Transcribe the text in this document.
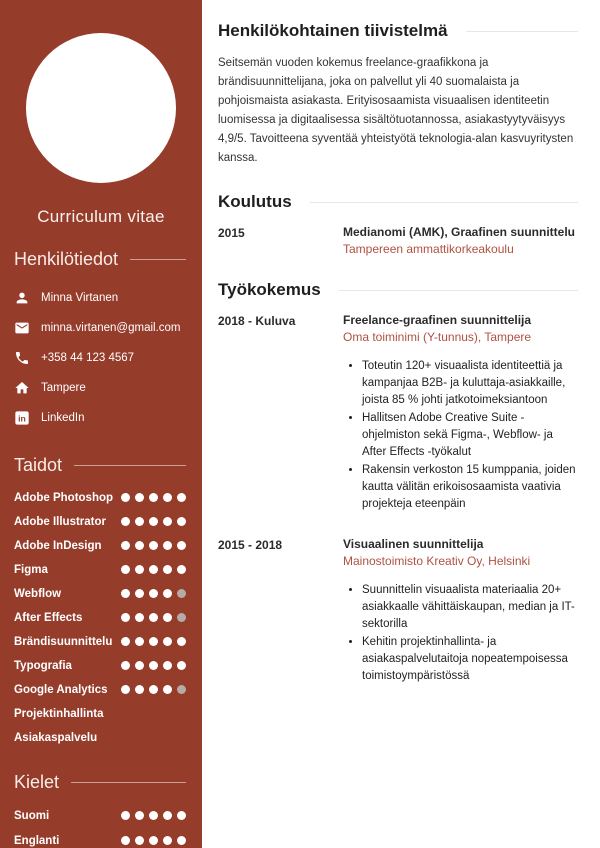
Curriculum vitae
Henkilötiedot
Minna Virtanen
minna.virtanen@gmail.com
+358 44 123 4567
Tampere
in LinkedIn
Taidot
Adobe Photoshop
Adobe Illustrator
Adobe InDesign
Figma
Webflow
After Effects
Brändisuunnittelu
Typografia
Google Analytics
Projektinhallinta
Asiakaspalvelu
Kielet
Suomi
Englanti
Henkilökohtainen tiivistelmä

Seitsemän vuoden kokemus freelance-graafikkona ja brändisuunnittelijana, joka on palvellut yli 40 suomalaista ja pohjoismaista asiakasta. Erityisosaamista visuaalisen identiteetin luomisessa ja digitaalisessa sisältötuotannossa, asiakastyytyväisyys 4,9/5. Tavoitteena syventää yhteistyötä teknologia-alan kasvuyritysten kanssa.

Koulutus
2015	Medianomi (AMK), Graafinen suunnittelu
Tampereen ammattikorkeakoulu
Työkokemus
2018 - Kuluva	Freelance-graafinen suunnittelija
Oma toiminimi (Y-tunnus), Tampere
• Toteutin 120+ visuaalista identiteettiä ja kampanjaa B2B- ja kuluttaja-asiakkaille, joista 85 % johti jatkotoimeksiantoon
• Hallitsen Adobe Creative Suite -ohjelmiston sekä Figma-, Webflow- ja After Effects -työkalut
• Rakensin verkoston 15 kumppania, joiden kautta välitän erikoisosaamista vaativia projekteja eteenpäin
2015 - 2018	Visuaalinen suunnittelija
Mainostoimisto Kreativ Oy, Helsinki
• Suunnittelin visuaalista materiaalia 20+ asiakkaalle vähittäiskaupan, median ja IT-sektorilla
• Kehitin projektinhallinta- ja asiakaspalvelutaitoja nopeatempoisessa toimistoympäristössä
